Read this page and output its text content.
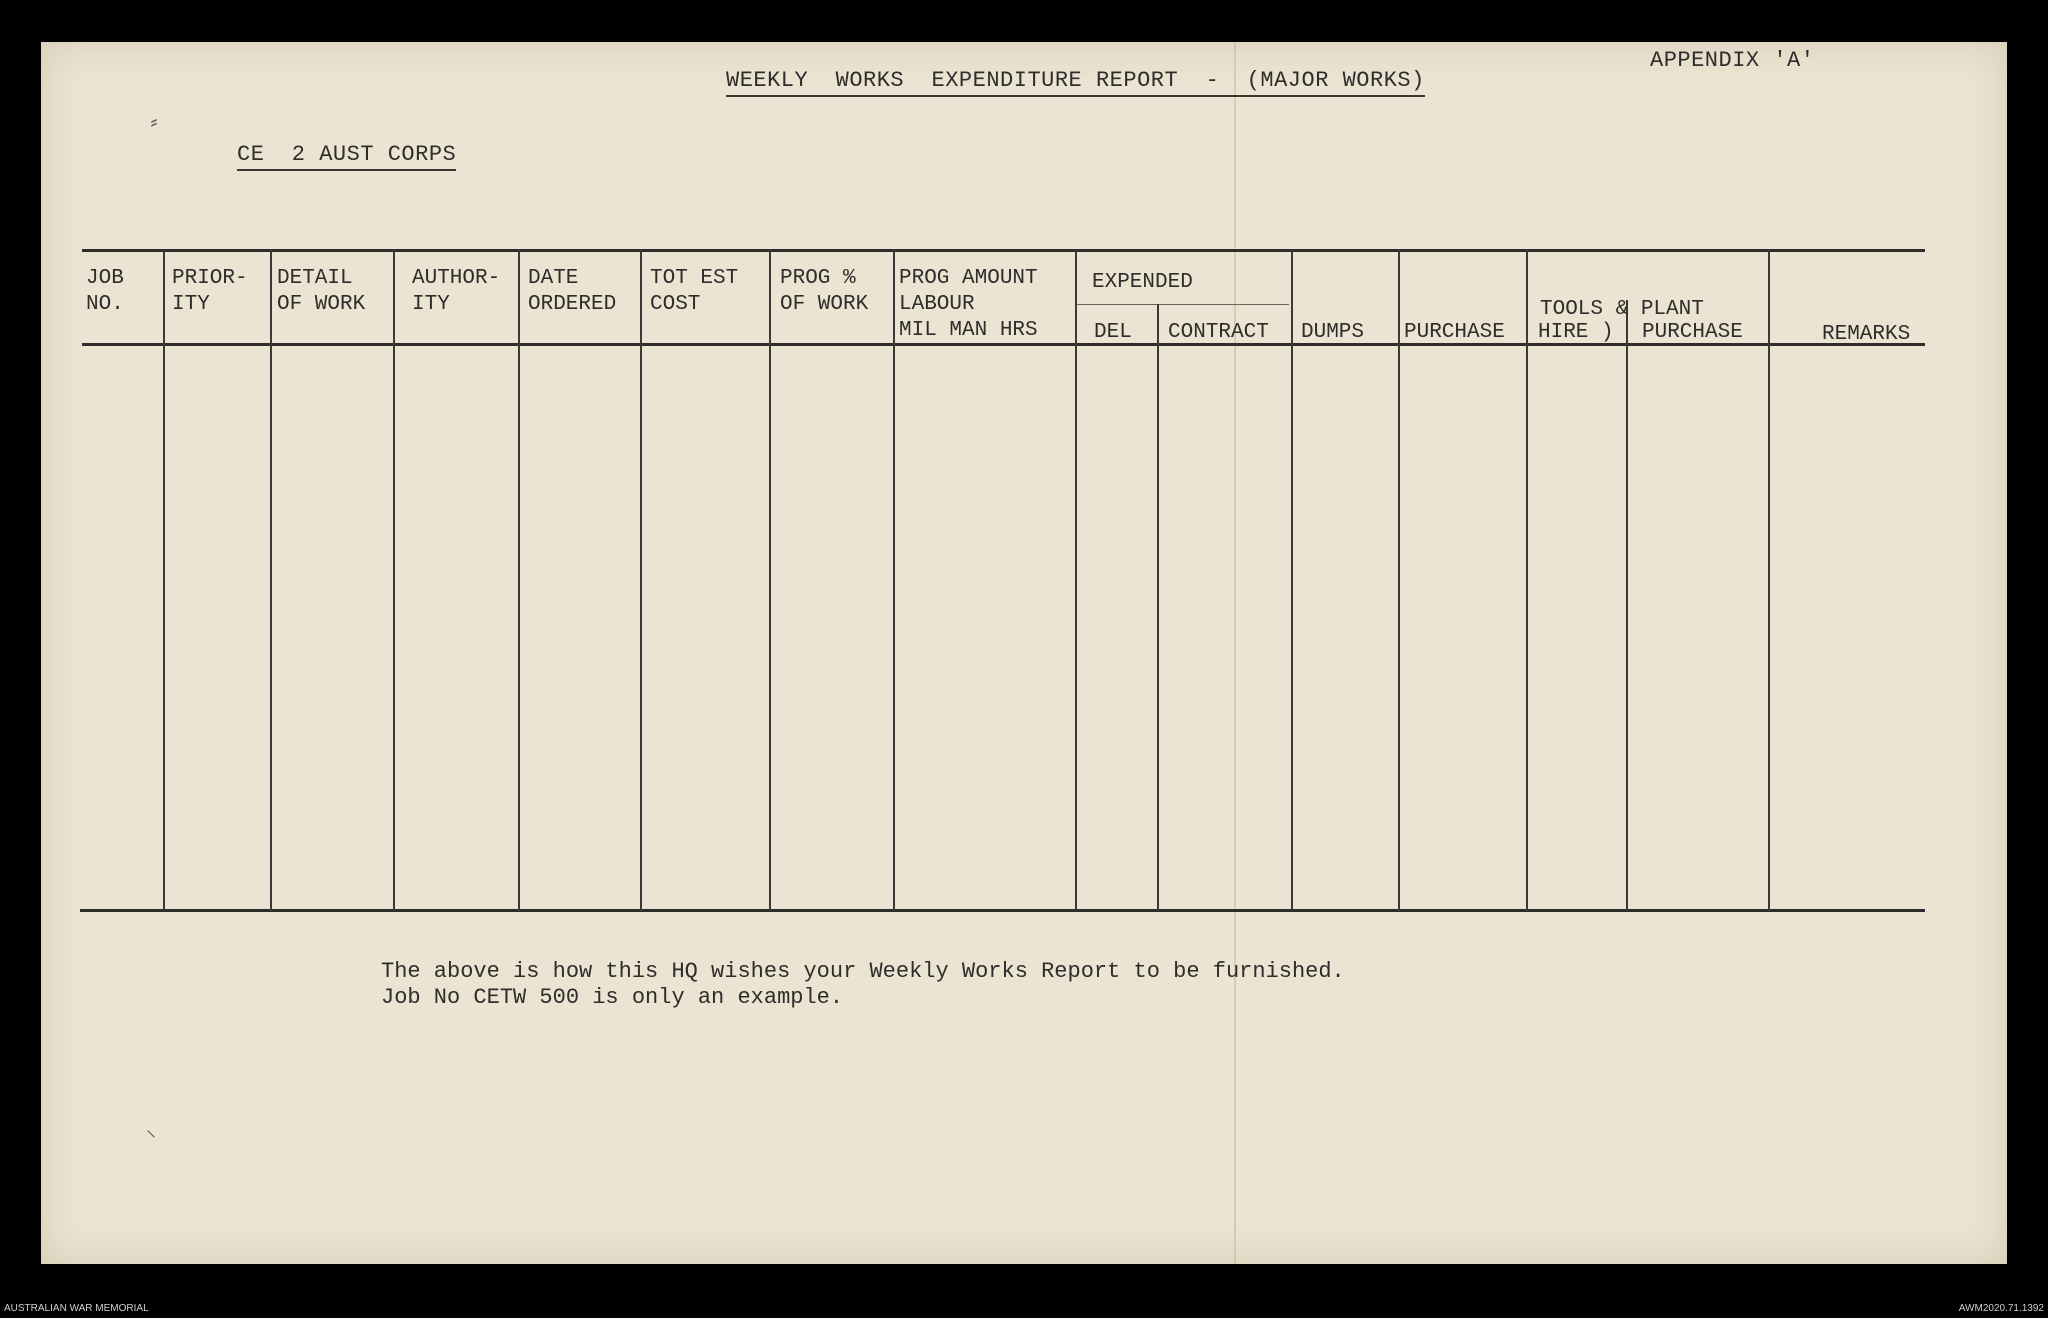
⸗
⸜
APPENDIX 'A'
WEEKLY  WORKS  EXPENDITURE REPORT  -  (MAJOR WORKS)
CE  2 AUST CORPS
JOB
NO.
PRIOR-
ITY
DETAIL
OF WORK
AUTHOR-
ITY
DATE
ORDERED
TOT EST
COST
PROG %
OF WORK
PROG AMOUNT
LABOUR
MIL MAN HRS
EXPENDED
DEL CONTRACT DUMPS PURCHASE
TOOLS & PLANT
HIRE ) PURCHASE	REMARKS
The above is how this HQ wishes your Weekly Works Report to be furnished.
Job No CETW 500 is only an example.
AUSTRALIAN WAR MEMORIAL	AWM2020.71.1392
